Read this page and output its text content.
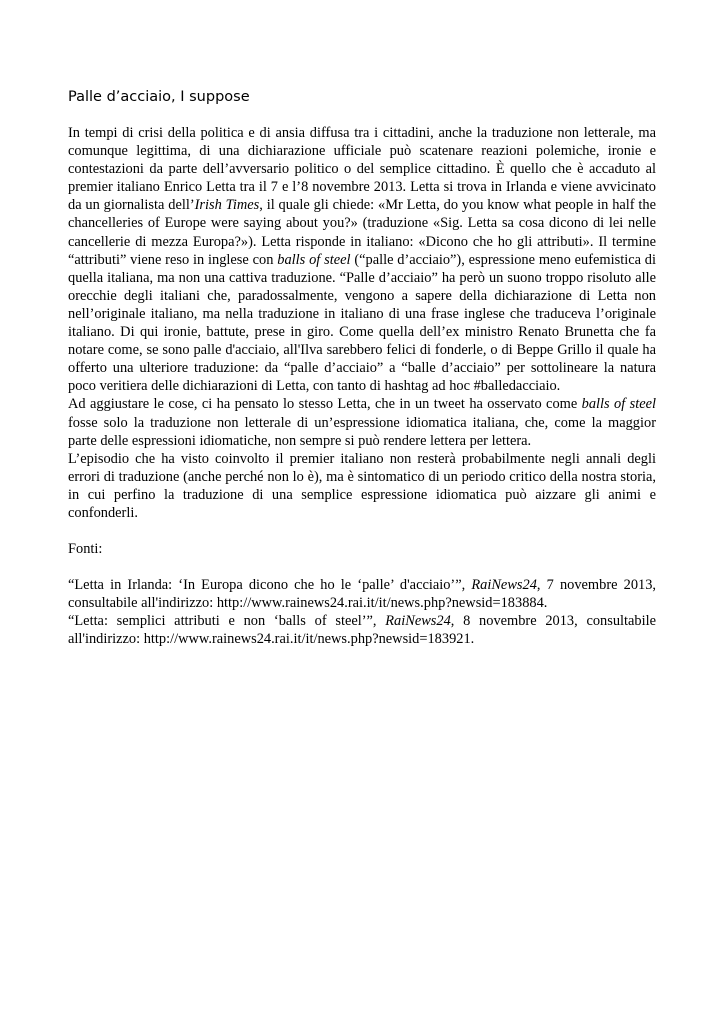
Palle d’acciaio, I suppose

In tempi di crisi della politica e di ansia diffusa tra i cittadini, anche la traduzione non letterale, ma comunque legittima, di una dichiarazione ufficiale può scatenare reazioni polemiche, ironie e contestazioni da parte dell’avversario politico o del semplice cittadino. È quello che è accaduto al premier italiano Enrico Letta tra il 7 e l’8 novembre 2013. Letta si trova in Irlanda e viene avvicinato da un giornalista dell’Irish Times, il quale gli chiede: «Mr Letta, do you know what people in half the chancelleries of Europe were saying about you?» (traduzione «Sig. Letta sa cosa dicono di lei nelle cancellerie di mezza Europa?»). Letta risponde in italiano: «Dicono che ho gli attributi». Il termine “attributi” viene reso in inglese con balls of steel (“palle d’acciaio”), espressione meno eufemistica di quella italiana, ma non una cattiva traduzione. “Palle d’acciaio” ha però un suono troppo risoluto alle orecchie degli italiani che, paradossalmente, vengono a sapere della dichiarazione di Letta non nell’originale italiano, ma nella traduzione in italiano di una frase inglese che traduceva l’originale italiano. Di qui ironie, battute, prese in giro. Come quella dell’ex ministro Renato Brunetta che fa notare come, se sono palle d'acciaio, all'Ilva sarebbero felici di fonderle, o di Beppe Grillo il quale ha offerto una ulteriore traduzione: da “palle d’acciaio” a “balle d’acciaio” per sottolineare la natura poco veritiera delle dichiarazioni di Letta, con tanto di hashtag ad hoc #balledacciaio.

Ad aggiustare le cose, ci ha pensato lo stesso Letta, che in un tweet ha osservato come balls of steel fosse solo la traduzione non letterale di un’espressione idiomatica italiana, che, come la maggior parte delle espressioni idiomatiche, non sempre si può rendere lettera per lettera.

L’episodio che ha visto coinvolto il premier italiano non resterà probabilmente negli annali degli errori di traduzione (anche perché non lo è), ma è sintomatico di un periodo critico della nostra storia, in cui perfino la traduzione di una semplice espressione idiomatica può aizzare gli animi e confonderli.

Fonti:

“Letta in Irlanda: ‘In Europa dicono che ho le ‘palle’ d'acciaio’”, RaiNews24, 7 novembre 2013, consultabile all'indirizzo: http://www.rainews24.rai.it/it/news.php?newsid=183884.

“Letta: semplici attributi e non ‘balls of steel’”, RaiNews24, 8 novembre 2013, consultabile all'indirizzo: http://www.rainews24.rai.it/it/news.php?newsid=183921.
